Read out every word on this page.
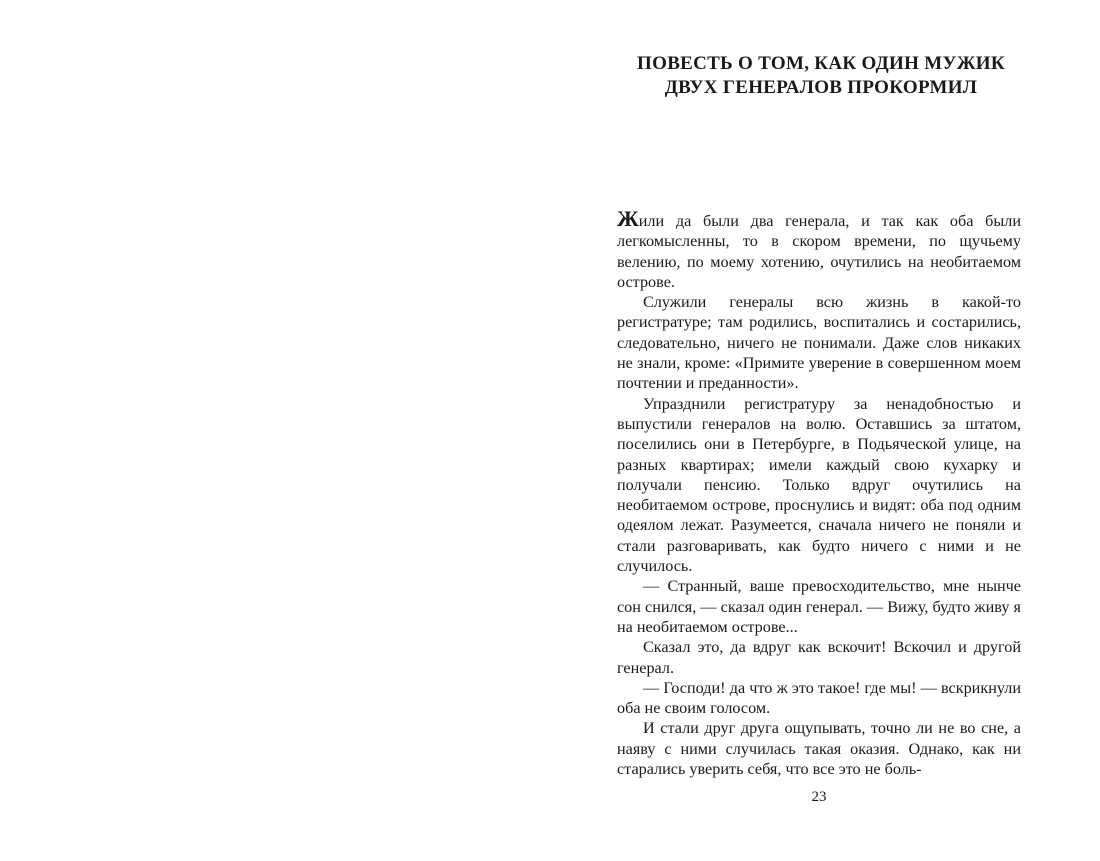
ПОВЕСТЬ О ТОМ, КАК ОДИН МУЖИК
ДВУХ ГЕНЕРАЛОВ ПРОКОРМИЛ

Жили да были два генерала, и так как оба были легкомысленны, то в скором времени, по щучьему велению, по моему хотению, очутились на необитаемом острове.

Служили генералы всю жизнь в какой-то регистратуре; там родились, воспитались и состарились, следовательно, ничего не понимали. Даже слов никаких не знали, кроме: «Примите уверение в совершенном моем почтении и преданности».

Упразднили регистратуру за ненадобностью и выпустили генералов на волю. Оставшись за штатом, поселились они в Петербурге, в Подьяческой улице, на разных квартирах; имели каждый свою кухарку и получали пенсию. Только вдруг очутились на необитаемом острове, проснулись и видят: оба под одним одеялом лежат. Разумеется, сначала ничего не поняли и стали разговаривать, как будто ничего с ними и не случилось.

— Странный, ваше превосходительство, мне нынче сон снился, — сказал один генерал. — Вижу, будто живу я на необитаемом острове...

Сказал это, да вдруг как вскочит! Вскочил и другой генерал.

— Господи! да что ж это такое! где мы! — вскрикнули оба не своим голосом.

И стали друг друга ощупывать, точно ли не во сне, а наяву с ними случилась такая оказия. Однако, как ни старались уверить себя, что все это не боль-

23
